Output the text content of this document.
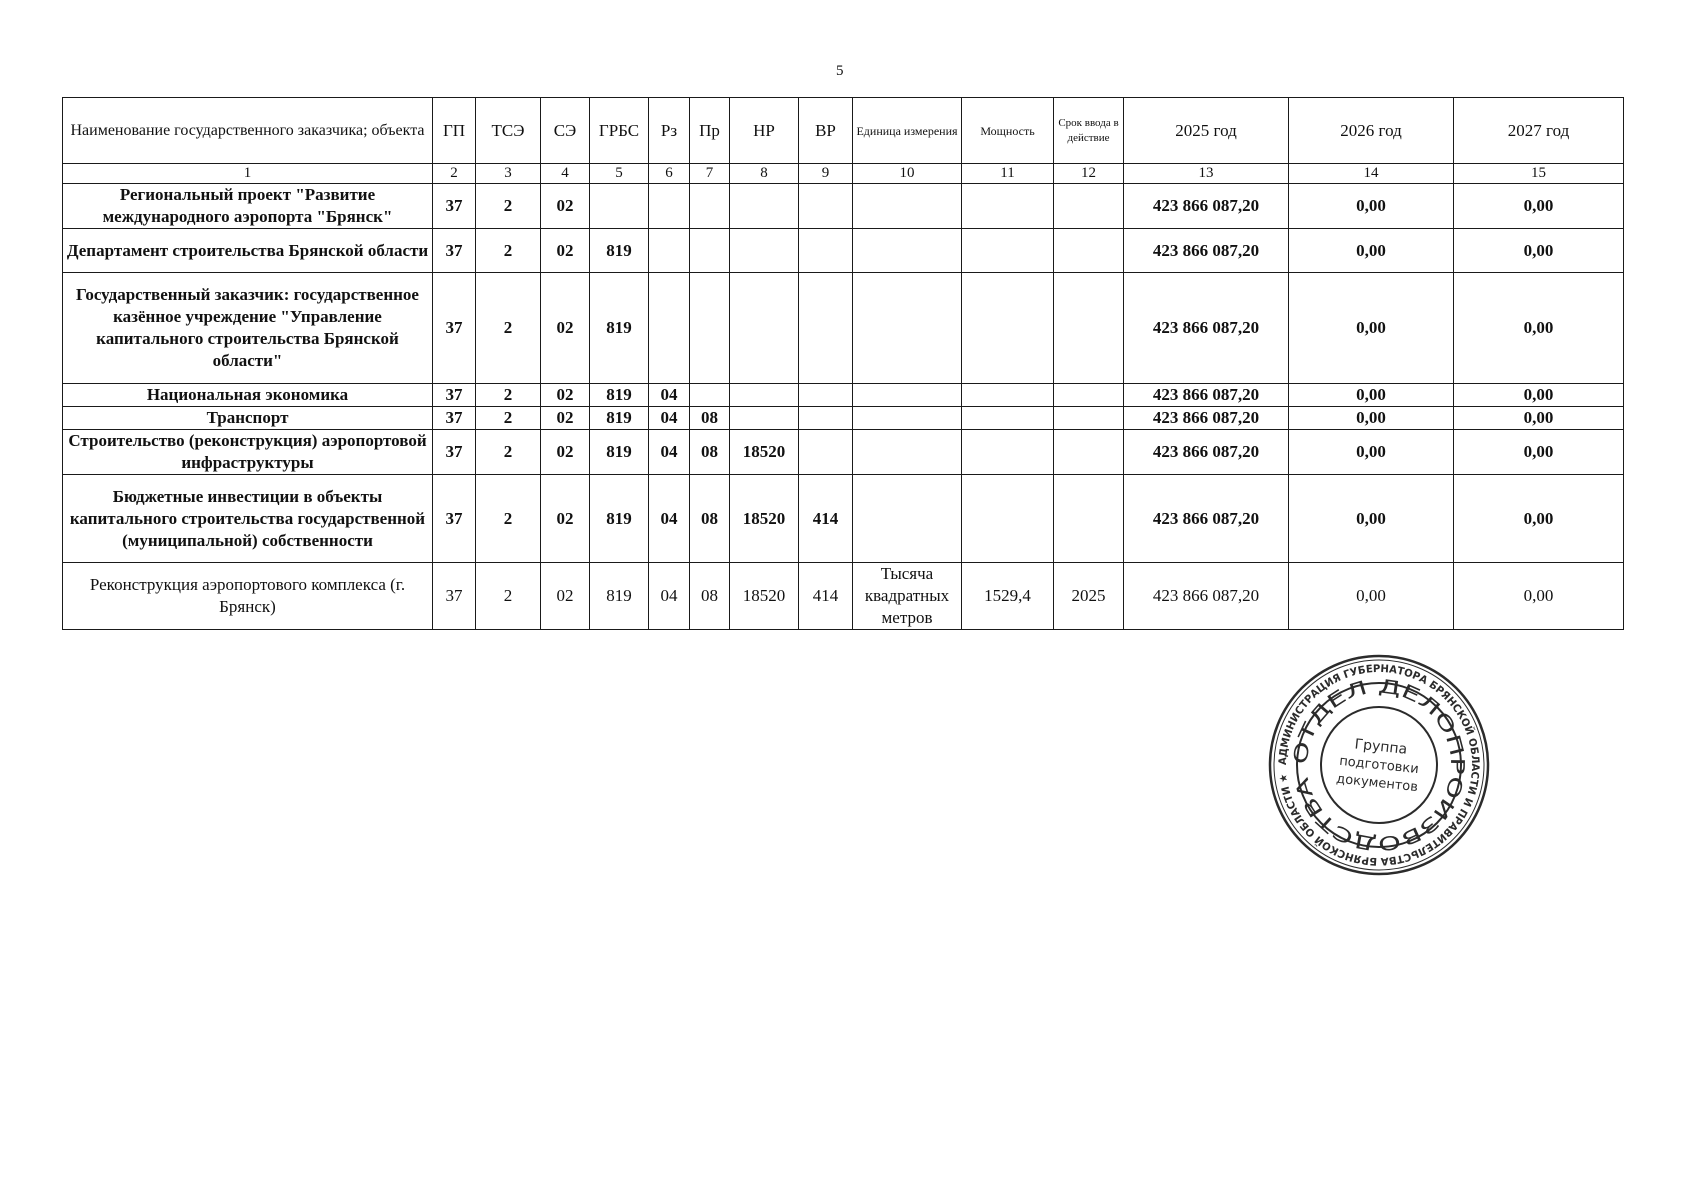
5
Наименование государственного заказчика; объекта	ГП	ТСЭ	СЭ	ГРБС	Рз	Пр	НР	ВР	Единица измерения	Мощность	Срок ввода в действие	2025 год	2026 год	2027 год
1	2	3	4	5	6	7	8	9	10	11	12	13	14	15
Региональный проект "Развитие международного аэропорта "Брянск"	37	2	02									423 866 087,20	0,00	0,00
Департамент строительства Брянской области	37	2	02	819								423 866 087,20	0,00	0,00
Государственный заказчик: государственное казённое учреждение "Управление капитального строительства Брянской области"	37	2	02	819								423 866 087,20	0,00	0,00
Национальная экономика	37	2	02	819	04							423 866 087,20	0,00	0,00
Транспорт	37	2	02	819	04	08						423 866 087,20	0,00	0,00
Строительство (реконструкция) аэропортовой инфраструктуры	37	2	02	819	04	08	18520					423 866 087,20	0,00	0,00
Бюджетные инвестиции в объекты капитального строительства государственной (муниципальной) собственности	37	2	02	819	04	08	18520	414				423 866 087,20	0,00	0,00
Реконструкция аэропортового комплекса (г. Брянск)	37	2	02	819	04	08	18520	414	Тысяча квадратных метров	1529,4	2025	423 866 087,20	0,00	0,00
АДМИНИСТРАЦИЯ ГУБЕРНАТОРА БРЯНСКОЙ ОБЛАСТИ И ПРАВИТЕЛЬСТВА БРЯНСКОЙ ОБЛАСТИ ★
ОТДЕЛ ДЕЛОПРОИЗВОДСТВА
Группа
подготовки
документов
